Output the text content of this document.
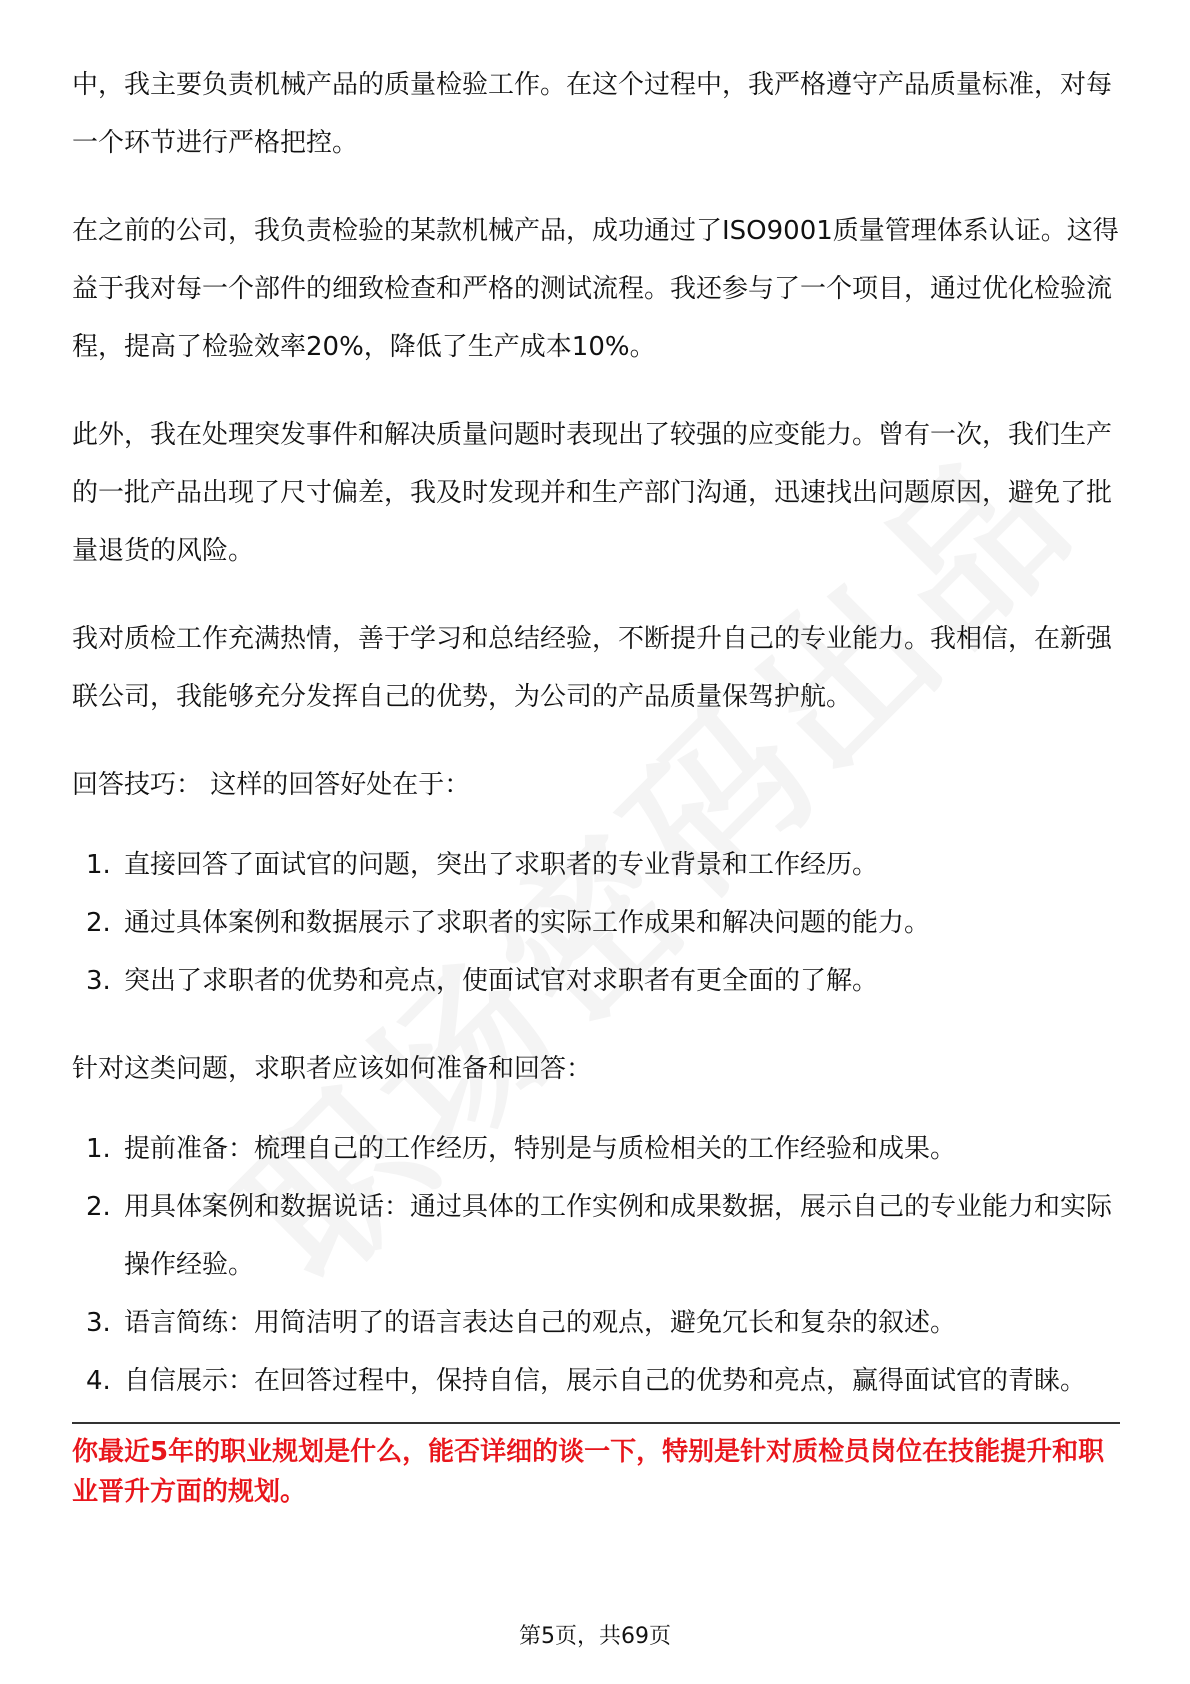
中，我主要负责机械产品的质量检验工作。在这个过程中，我严格遵守产品质量标准，对每一个环节进行严格把控。

在之前的公司，我负责检验的某款机械产品，成功通过了ISO9001质量管理体系认证。这得益于我对每一个部件的细致检查和严格的测试流程。我还参与了一个项目，通过优化检验流程，提高了检验效率20%，降低了生产成本10%。

此外，我在处理突发事件和解决质量问题时表现出了较强的应变能力。曾有一次，我们生产的一批产品出现了尺寸偏差，我及时发现并和生产部门沟通，迅速找出问题原因，避免了批量退货的风险。

我对质检工作充满热情，善于学习和总结经验，不断提升自己的专业能力。我相信，在新强联公司，我能够充分发挥自己的优势，为公司的产品质量保驾护航。

回答技巧： 这样的回答好处在于：

1. 直接回答了面试官的问题，突出了求职者的专业背景和工作经历。
2. 通过具体案例和数据展示了求职者的实际工作成果和解决问题的能力。
3. 突出了求职者的优势和亮点，使面试官对求职者有更全面的了解。

针对这类问题，求职者应该如何准备和回答：

1. 提前准备：梳理自己的工作经历，特别是与质检相关的工作经验和成果。
2. 用具体案例和数据说话：通过具体的工作实例和成果数据，展示自己的专业能力和实际操作经验。
3. 语言简练：用简洁明了的语言表达自己的观点，避免冗长和复杂的叙述。
4. 自信展示：在回答过程中，保持自信，展示自己的优势和亮点，赢得面试官的青睐。
你最近5年的职业规划是什么，能否详细的谈一下，特别是针对质检员岗位在技能提升和职业晋升方面的规划。
第5页，共69页
